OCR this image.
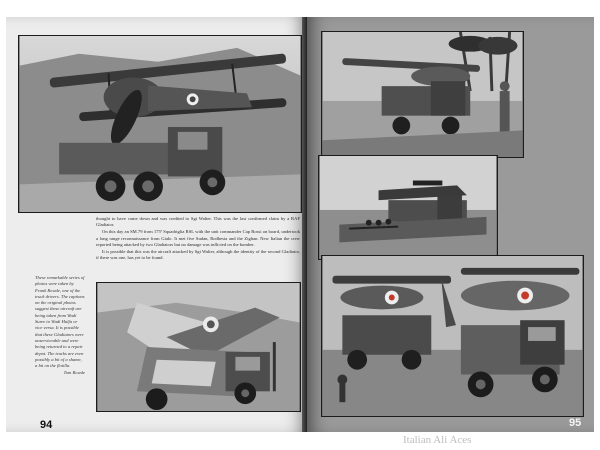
thought to have come down and was credited to Sgt Walter. This was the last confirmed claim by a RAF Gladiator.

On this day an SM.79 from 175ª Squadriglia RSL with the unit commander Cap Rossi on board, undertook a long range reconnaissance from Gialo. It met five Sudan, Rodhesia and the Zighan. New Italian the crew reported being attacked by two Gladiators but no damage was inflicted on the bomber.

It is possible that this was the aircraft attacked by Sgt Walter, although the identity of the second Gladiator, if there was one, has yet to be found.

These remarkable series of photos were taken by Frank Rowde, one of the truck drivers. The captions on the original photos suggest these aircraft are being taken from Wadi Suree to Wadi Halfa or vice versa. It is possible that these Gladiators were unserviceable and were being returned to a repair depot. The tracks are even possibly a bit of a shame, a bit on the flotilla.
Tom Rowde
94	95
Italian Ali Aces
